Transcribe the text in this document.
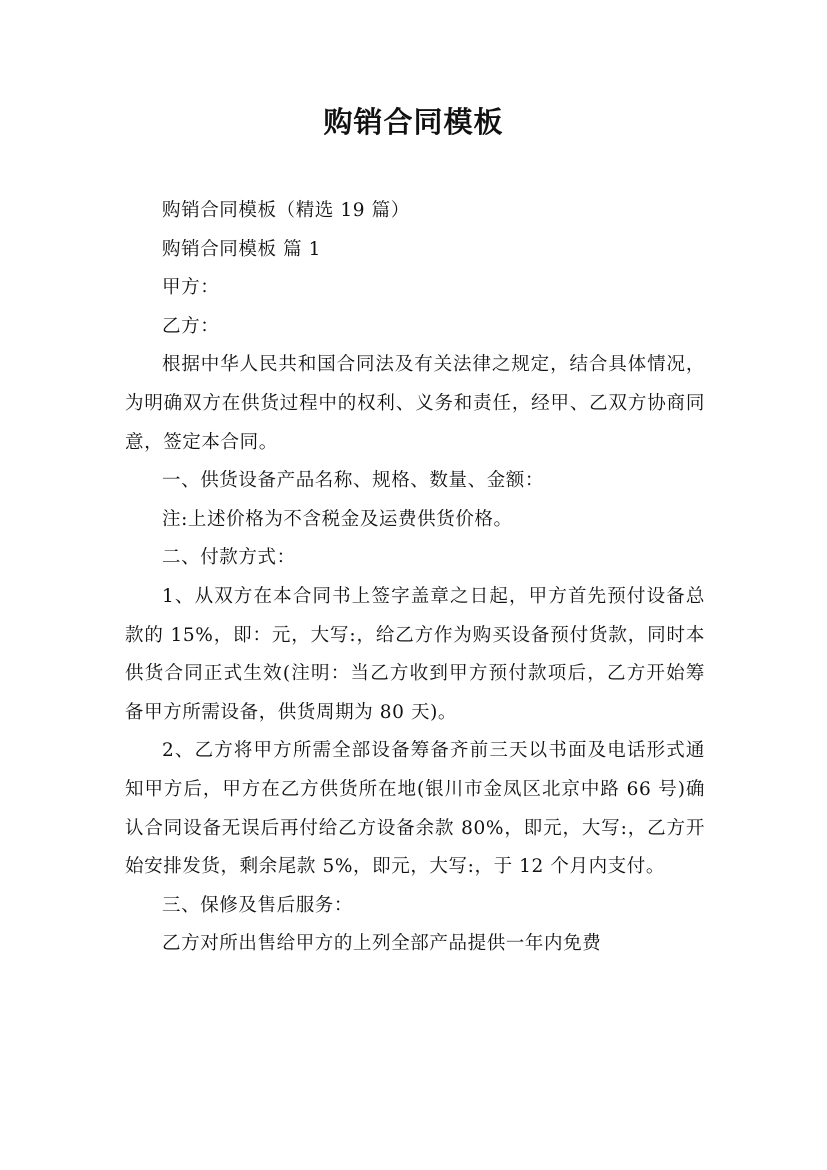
购销合同模板

购销合同模板（精选 19 篇）

购销合同模板 篇 1

甲方：

乙方：

根据中华人民共和国合同法及有关法律之规定，结合具体情况，为明确双方在供货过程中的权利、义务和责任，经甲、乙双方协商同意，签定本合同。

一、供货设备产品名称、规格、数量、金额：

注:上述价格为不含税金及运费供货价格。

二、付款方式：

1、从双方在本合同书上签字盖章之日起，甲方首先预付设备总款的 15%，即：元，大写:，给乙方作为购买设备预付货款，同时本供货合同正式生效(注明：当乙方收到甲方预付款项后，乙方开始筹备甲方所需设备，供货周期为 80 天)。

2、乙方将甲方所需全部设备筹备齐前三天以书面及电话形式通知甲方后，甲方在乙方供货所在地(银川市金凤区北京中路 66 号)确认合同设备无误后再付给乙方设备余款 80%，即元，大写:，乙方开始安排发货，剩余尾款 5%，即元，大写:，于 12 个月内支付。

三、保修及售后服务：

乙方对所出售给甲方的上列全部产品提供一年内免费
